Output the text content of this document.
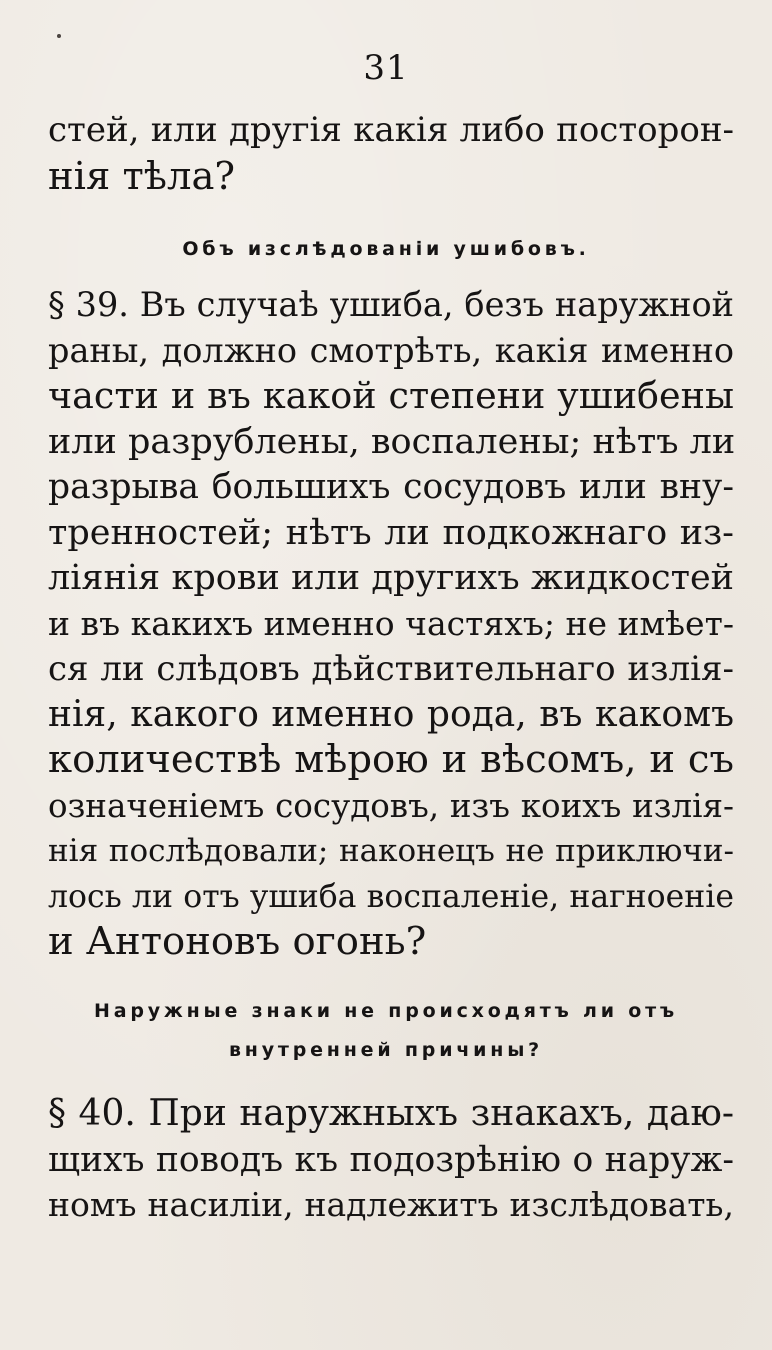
31
стей, или другія какія либо посторон-
нія тѣла?
Объ изслѣдованіи ушибовъ.
§ 39. Въ случаѣ ушиба, безъ наружной
раны, должно смотрѣть, какія именно
части и въ какой степени ушибены
или разрублены, воспалены; нѣтъ ли
разрыва большихъ сосудовъ или вну-
тренностей; нѣтъ ли подкожнаго из-
ліянія крови или другихъ жидкостей
и въ какихъ именно частяхъ; не имѣет-
ся ли слѣдовъ дѣйствительнаго излія-
нія, какого именно рода, въ какомъ
количествѣ мѣрою и вѣсомъ, и съ
означеніемъ сосудовъ, изъ коихъ излія-
нія послѣдовали; наконецъ не приключи-
лось ли отъ ушиба воспаленіе, нагноеніе
и Антоновъ огонь?
Наружные знаки не происходятъ ли отъ
внутренней причины?
§ 40. При наружныхъ знакахъ, даю-
щихъ поводъ къ подозрѣнію о наруж-
номъ насиліи, надлежитъ изслѣдовать,
